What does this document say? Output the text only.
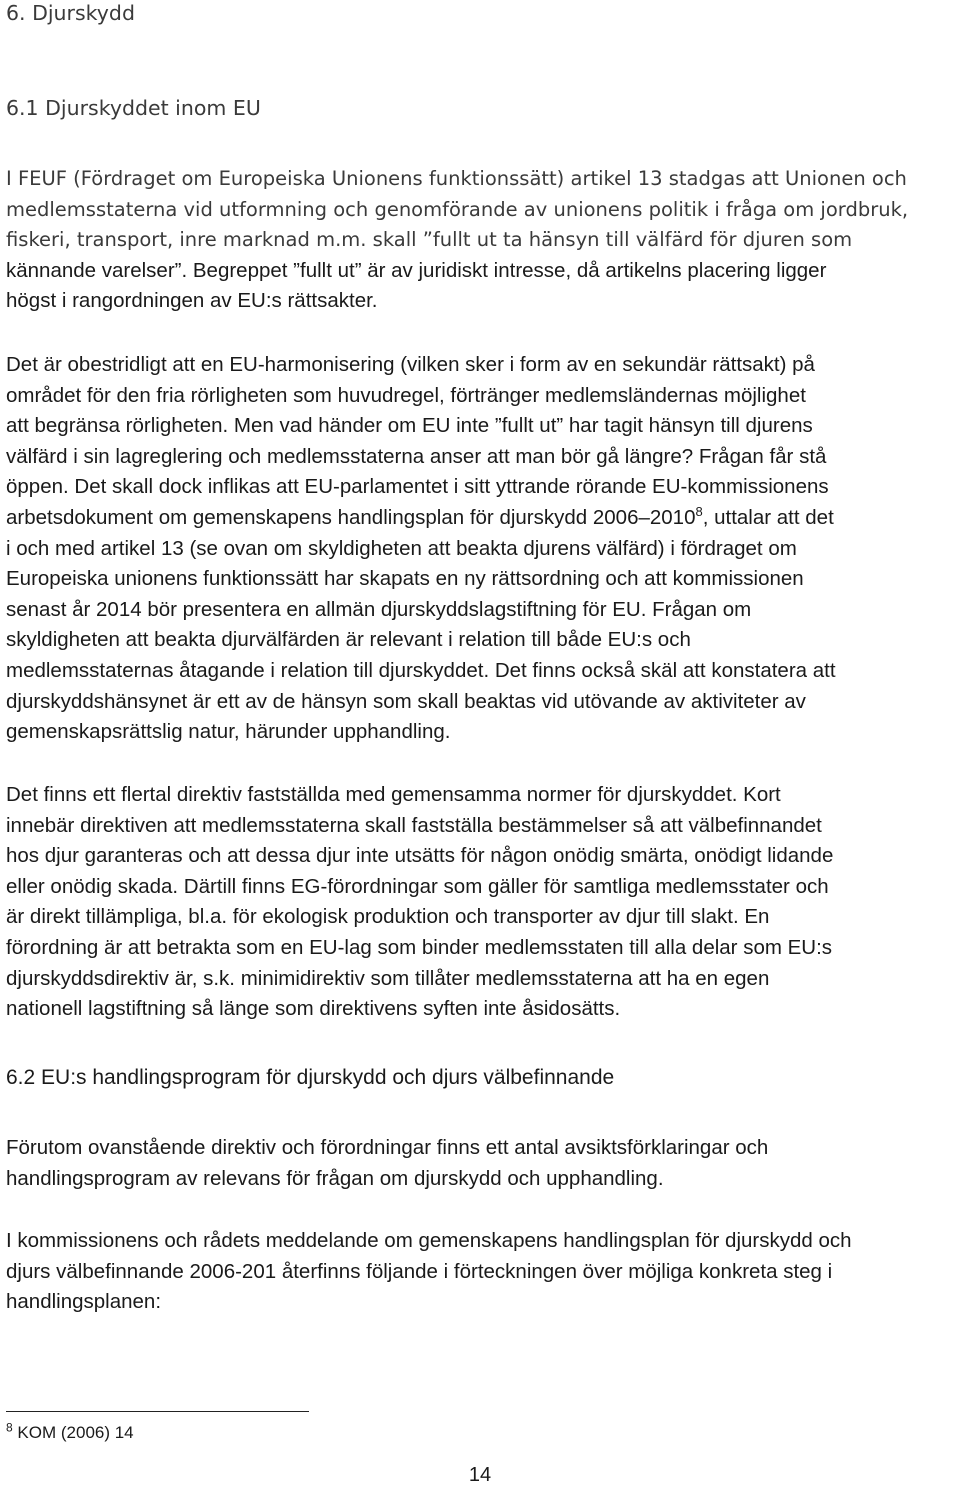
6. Djurskydd
6.1 Djurskyddet inom EU
I FEUF (Fördraget om Europeiska Unionens funktionssätt) artikel 13 stadgas att Unionen och
medlemsstaterna vid utformning och genomförande av unionens politik i fråga om jordbruk,
fiskeri, transport, inre marknad m.m. skall ”fullt ut ta hänsyn till välfärd för djuren som
kännande varelser”. Begreppet ”fullt ut” är av juridiskt intresse, då artikelns placering ligger
högst i rangordningen av EU:s rättsakter.
Det är obestridligt att en EU-harmonisering (vilken sker i form av en sekundär rättsakt) på
området för den fria rörligheten som huvudregel, förtränger medlemsländernas möjlighet
att begränsa rörligheten. Men vad händer om EU inte ”fullt ut” har tagit hänsyn till djurens
välfärd i sin lagreglering och medlemsstaterna anser att man bör gå längre? Frågan får stå
öppen. Det skall dock inflikas att EU-parlamentet i sitt yttrande rörande EU-kommissionens
arbetsdokument om gemenskapens handlingsplan för djurskydd 2006–2010$^8$, uttalar att det
i och med artikel 13 (se ovan om skyldigheten att beakta djurens välfärd) i fördraget om
Europeiska unionens funktionssätt har skapats en ny rättsordning och att kommissionen
senast år 2014 bör presentera en allmän djurskyddslagstiftning för EU. Frågan om
skyldigheten att beakta djurvälfärden är relevant i relation till både EU:s och
medlemsstaternas åtagande i relation till djurskyddet. Det finns också skäl att konstatera att
djurskyddshänsynet är ett av de hänsyn som skall beaktas vid utövande av aktiviteter av
gemenskapsrättslig natur, härunder upphandling.
Det finns ett flertal direktiv fastställda med gemensamma normer för djurskyddet. Kort
innebär direktiven att medlemsstaterna skall fastställa bestämmelser så att välbefinnandet
hos djur garanteras och att dessa djur inte utsätts för någon onödig smärta, onödigt lidande
eller onödig skada. Därtill finns EG-förordningar som gäller för samtliga medlemsstater och
är direkt tillämpliga, bl.a. för ekologisk produktion och transporter av djur till slakt. En
förordning är att betrakta som en EU-lag som binder medlemsstaten till alla delar som EU:s
djurskyddsdirektiv är, s.k. minimidirektiv som tillåter medlemsstaterna att ha en egen
nationell lagstiftning så länge som direktivens syften inte åsidosätts.
6.2 EU:s handlingsprogram för djurskydd och djurs välbefinnande
Förutom ovanstående direktiv och förordningar finns ett antal avsiktsförklaringar och
handlingsprogram av relevans för frågan om djurskydd och upphandling.
I kommissionens och rådets meddelande om gemenskapens handlingsplan för djurskydd och
djurs välbefinnande 2006-201 återfinns följande i förteckningen över möjliga konkreta steg i
handlingsplanen:
$^8$ KOM (2006) 14
14
